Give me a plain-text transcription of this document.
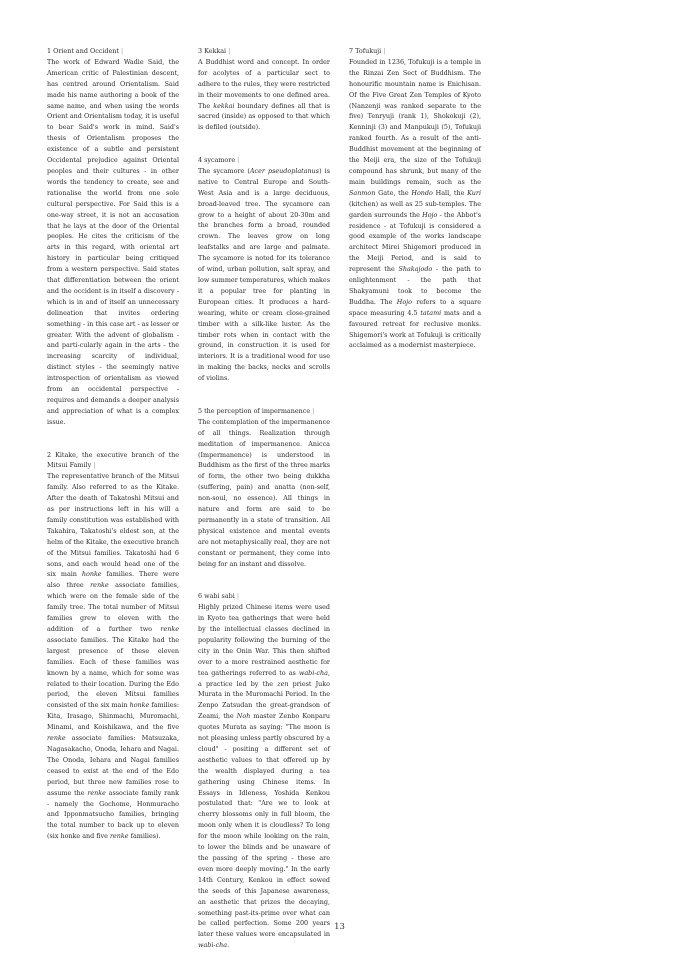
1 Orient and Occident |
The work of Edward Wadie Said, the American critic of Palestinian descent, has centred around Orientalism. Said made his name authoring a book of the same name, and when using the words Orient and Orientalism today, it is useful to bear Said's work in mind. Said's thesis of Orientalism proposes the existence of a subtle and persistent Occidental prejudice against Oriental peoples and their cultures - in other words the tendency to create, see and rationalise the world from one sole cultural perspective. For Said this is a one-way street, it is not an accusation that he lays at the door of the Oriental peoples. He cites the criticism of the arts in this regard, with oriental art history in particular being critiqued from a western perspective. Said states that differentiation between the orient and the occident is in itself a discovery - which is in and of itself an unnecessary delineation that invites ordering something - in this case art - as lesser or greater. With the advent of globalism - and parti-cularly again in the arts - the increasing scarcity of individual, distinct styles - the seemingly native introspection of orientalism as viewed from an occidental perspective - requires and demands a deeper analysis and appreciation of what is a complex issue.
2 Kitake, the executive branch of the Mitsui Family |
The representative branch of the Mitsui family. Also referred to as the Kitake. After the death of Takatoshi Mitsui and as per instructions left in his will a family constitution was established with Takahira, Takatoshi's eldest son, at the helm of the Kitake, the executive branch of the Mitsui families. Takatoshi had 6 sons, and each would head one of the six main honke families. There were also three renke associate families, which were on the female side of the family tree. The total number of Mitsui families grew to eleven with the addition of a further two renke associate families. The Kitake had the largest presence of these eleven families. Each of these families was known by a name, which for some was related to their location. During the Edo period, the eleven Mitsui families consisted of the six main honke families: Kita, Irasago, Shinmachi, Muromachi, Minami, and Koishikawa, and the five renke associate families: Matsuzaka, Nagasakacho, Onoda, Iehara and Nagai. The Onoda, Iehara and Nagai families ceased to exist at the end of the Edo period, but three new families rose to assume the renke associate family rank - namely the Gochome, Honmuracho and Ipponmatsucho families, bringing the total number to back up to eleven (six honke and five renke families).
3 Kekkai |
A Buddhist word and concept. In order for acolytes of a particular sect to adhere to the rules, they were restricted in their movements to one defined area. The kekkai boundary defines all that is sacred (inside) as opposed to that which is defiled (outside).
4 sycamore |
The sycamore (Acer pseudoplatanus) is native to Central Europe and South-West Asia and is a large deciduous, broad-leaved tree. The sycamore can grow to a height of about 20-30m and the branches form a broad, rounded crown. The leaves grow on long leafstalks and are large and palmate. The sycamore is noted for its tolerance of wind, urban pollution, salt spray, and low summer temperatures, which makes it a popular tree for planting in European cities. It produces a hard-wearing, white or cream close-grained timber with a silk-like luster. As the timber rots when in contact with the ground, in construction it is used for interiors. It is a traditional wood for use in making the backs, necks and scrolls of violins.
5 the perception of impermanence |
The contemplation of the impermanence of all things. Realization through meditation of impermanence. Anicca (Impermanence) is understood in Buddhism as the first of the three marks of form, the other two being dukkha (suffering, pain) and anatta (non-self, non-soul, no essence). All things in nature and form are said to be permanently in a state of transition. All physical existence and mental events are not metaphysically real, they are not constant or permanent, they come into being for an instant and dissolve.
6 wabi sabi |
Highly prized Chinese items were used in Kyoto tea gatherings that were held by the intellectual classes declined in popularity following the burning of the city in the Onin War. This then shifted over to a more restrained aesthetic for tea gatherings referred to as wabi-cha, a practice led by the zen priest Juko Murata in the Muromachi Period. In the Zenpo Zatsudan the great-grandson of Zeami, the Noh master Zenbo Konparu quotes Murata as saying: "The moon is not pleasing unless partly obscured by a cloud" - positing a different set of aesthetic values to that offered up by the wealth displayed during a tea gathering using Chinese items. In Essays in Idleness, Yoshida Kenkou postulated that: "Are we to look at cherry blossoms only in full bloom, the moon only when it is cloudless? To long for the moon while looking on the rain, to lower the blinds and be unaware of the passing of the spring - these are even more deeply moving." In the early 14th Century, Kenkou in effect sowed the seeds of this Japanese awareness, an aesthetic that prizes the decaying, something past-its-prime over what can be called perfection. Some 200 years later these values were encapsulated in wabi-cha.
7 Tofukuji |
Founded in 1236, Tofukuji is a temple in the Rinzai Zen Sect of Buddhism. The honourific mountain name is Enichisan. Of the Five Great Zen Temples of Kyoto (Nanzenji was ranked separate to the five) Tenryuji (rank 1), Shokokuji (2), Kenninji (3) and Manpukuji (5), Tofukuji ranked fourth. As a result of the anti-Buddhist movement at the beginning of the Meiji era, the size of the Tofukuji compound has shrunk, but many of the main buildings remain, such as the Sanmon Gate, the Hondo Hall, the Kuri (kitchen) as well as 25 sub-temples. The garden surrounds the Hojo - the Abbot's residence - at Tofukuji is considered a good example of the works landscape architect Mirei Shigemori produced in the Meiji Period, and is said to represent the Shakajodo - the path to enlightenment - the path that Shakyamuni took to become the Buddha. The Hojo refers to a square space measuring 4.5 tatami mats and a favoured retreat for reclusive monks. Shigemori's work at Tofukuji is critically acclaimed as a modernist masterpiece.
13
